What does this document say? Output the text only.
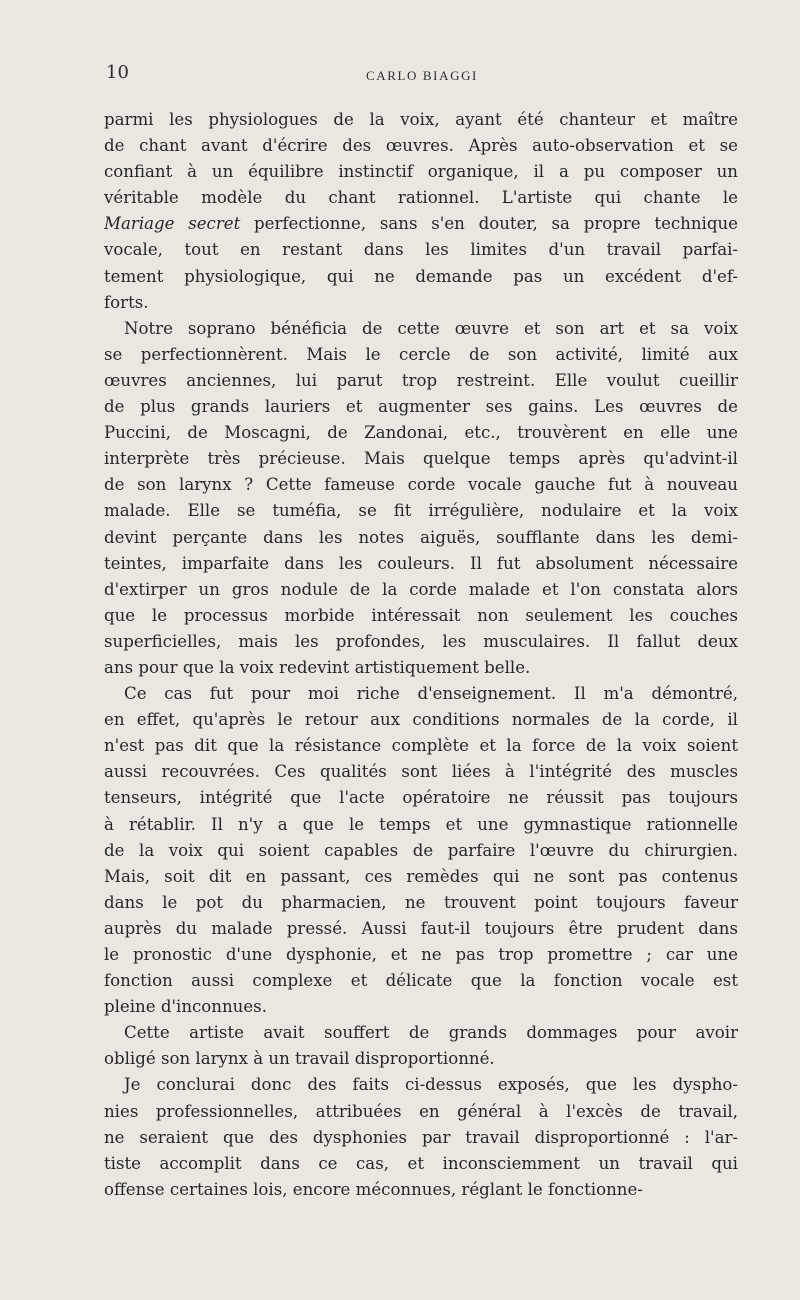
10	CARLO BIAGGI
parmi les physiologues de la voix, ayant été chanteur et maître
de chant avant d'écrire des œuvres. Après auto-observation et se
confiant à un équilibre instinctif organique, il a pu composer un
véritable modèle du chant rationnel. L'artiste qui chante le
Mariage secret perfectionne, sans s'en douter, sa propre technique
vocale, tout en restant dans les limites d'un travail parfai-
tement physiologique, qui ne demande pas un excédent d'ef-
forts.
Notre soprano bénéficia de cette œuvre et son art et sa voix
se perfectionnèrent. Mais le cercle de son activité, limité aux
œuvres anciennes, lui parut trop restreint. Elle voulut cueillir
de plus grands lauriers et augmenter ses gains. Les œuvres de
Puccini, de Moscagni, de Zandonai, etc., trouvèrent en elle une
interprète très précieuse. Mais quelque temps après qu'advint-il
de son larynx ? Cette fameuse corde vocale gauche fut à nouveau
malade. Elle se tuméfia, se fit irrégulière, nodulaire et la voix
devint perçante dans les notes aiguës, soufflante dans les demi-
teintes, imparfaite dans les couleurs. Il fut absolument nécessaire
d'extirper un gros nodule de la corde malade et l'on constata alors
que le processus morbide intéressait non seulement les couches
superficielles, mais les profondes, les musculaires. Il fallut deux
ans pour que la voix redevint artistiquement belle.
Ce cas fut pour moi riche d'enseignement. Il m'a démontré,
en effet, qu'après le retour aux conditions normales de la corde, il
n'est pas dit que la résistance complète et la force de la voix soient
aussi recouvrées. Ces qualités sont liées à l'intégrité des muscles
tenseurs, intégrité que l'acte opératoire ne réussit pas toujours
à rétablir. Il n'y a que le temps et une gymnastique rationnelle
de la voix qui soient capables de parfaire l'œuvre du chirurgien.
Mais, soit dit en passant, ces remèdes qui ne sont pas contenus
dans le pot du pharmacien, ne trouvent point toujours faveur
auprès du malade pressé. Aussi faut-il toujours être prudent dans
le pronostic d'une dysphonie, et ne pas trop promettre ; car une
fonction aussi complexe et délicate que la fonction vocale est
pleine d'inconnues.
Cette artiste avait souffert de grands dommages pour avoir
obligé son larynx à un travail disproportionné.
Je conclurai donc des faits ci-dessus exposés, que les dyspho-
nies professionnelles, attribuées en général à l'excès de travail,
ne seraient que des dysphonies par travail disproportionné : l'ar-
tiste accomplit dans ce cas, et inconsciemment un travail qui
offense certaines lois, encore méconnues, réglant le fonctionne-
